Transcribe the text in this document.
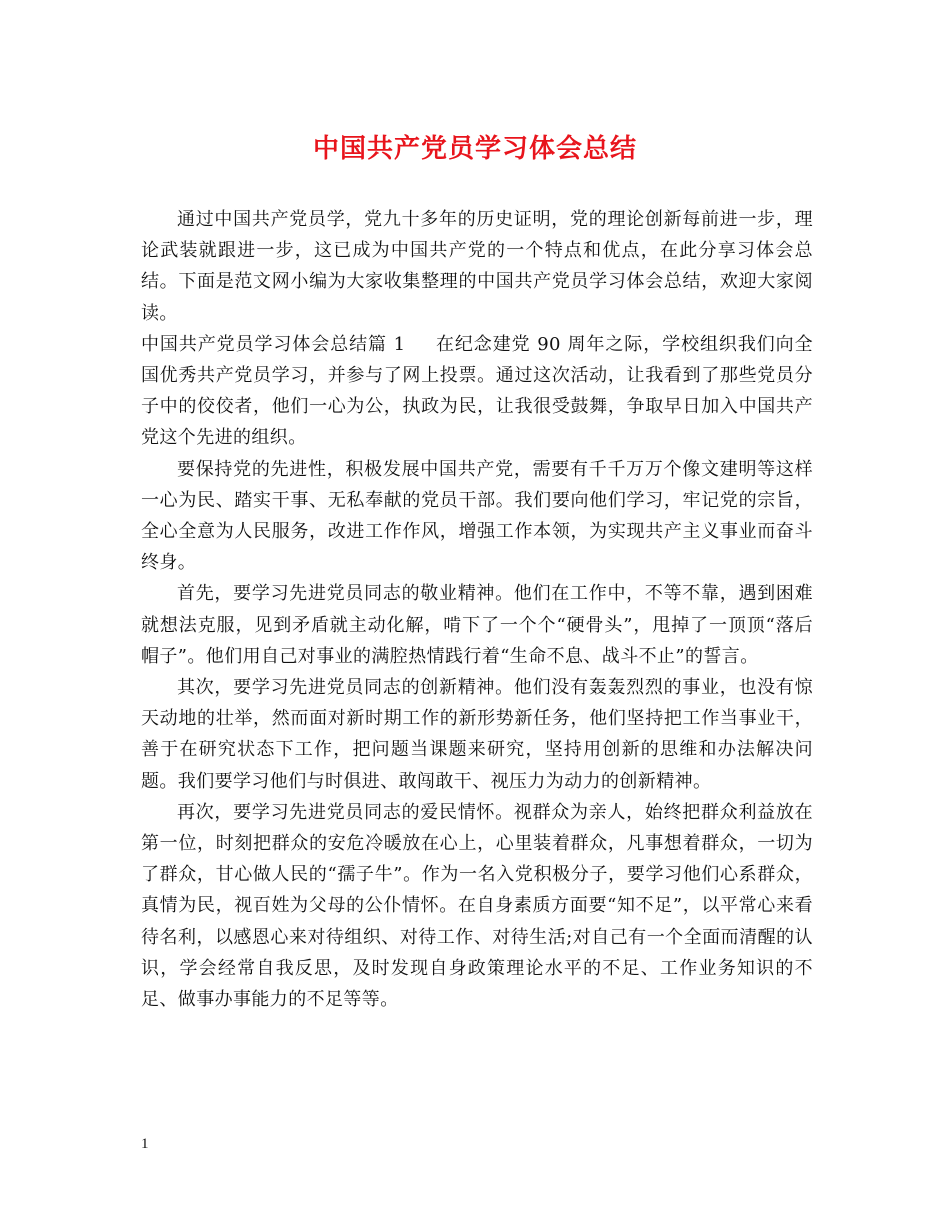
中国共产党员学习体会总结

通过中国共产党员学，党九十多年的历史证明，党的理论创新每前进一步，理论武装就跟进一步，这已成为中国共产党的一个特点和优点，在此分享习体会总结。下面是范文网小编为大家收集整理的中国共产党员学习体会总结，欢迎大家阅读。

中国共产党员学习体会总结篇 1 在纪念建党 90 周年之际，学校组织我们向全国优秀共产党员学习，并参与了网上投票。通过这次活动，让我看到了那些党员分子中的佼佼者，他们一心为公，执政为民，让我很受鼓舞，争取早日加入中国共产党这个先进的组织。

要保持党的先进性，积极发展中国共产党，需要有千千万万个像文建明等这样一心为民、踏实干事、无私奉献的党员干部。我们要向他们学习，牢记党的宗旨，全心全意为人民服务，改进工作作风，增强工作本领，为实现共产主义事业而奋斗终身。

首先，要学习先进党员同志的敬业精神。他们在工作中，不等不靠，遇到困难就想法克服，见到矛盾就主动化解，啃下了一个个“硬骨头”，甩掉了一顶顶“落后帽子”。他们用自己对事业的满腔热情践行着“生命不息、战斗不止”的誓言。

其次，要学习先进党员同志的创新精神。他们没有轰轰烈烈的事业，也没有惊天动地的壮举，然而面对新时期工作的新形势新任务，他们坚持把工作当事业干，善于在研究状态下工作，把问题当课题来研究，坚持用创新的思维和办法解决问题。我们要学习他们与时俱进、敢闯敢干、视压力为动力的创新精神。

再次，要学习先进党员同志的爱民情怀。视群众为亲人，始终把群众利益放在第一位，时刻把群众的安危冷暖放在心上，心里装着群众，凡事想着群众，一切为了群众，甘心做人民的“孺子牛”。作为一名入党积极分子，要学习他们心系群众，真情为民，视百姓为父母的公仆情怀。在自身素质方面要“知不足”，以平常心来看待名利，以感恩心来对待组织、对待工作、对待生活;对自己有一个全面而清醒的认识，学会经常自我反思，及时发现自身政策理论水平的不足、工作业务知识的不足、做事办事能力的不足等等。

1
